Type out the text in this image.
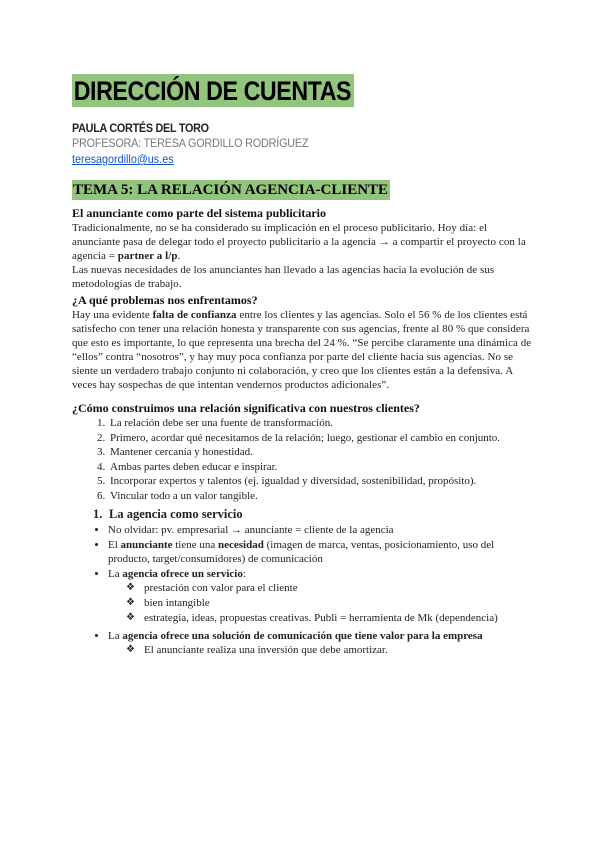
DIRECCIÓN DE CUENTAS
PAULA CORTÉS DEL TORO
PROFESORA: TERESA GORDILLO RODRÍGUEZ
teresagordillo@us.es
TEMA 5: LA RELACIÓN AGENCIA-CLIENTE
El anunciante como parte del sistema publicitario

Tradicionalmente, no se ha considerado su implicación en el proceso publicitario. Hoy día: el anunciante pasa de delegar todo el proyecto publicitario a la agencia → a compartir el proyecto con la agencia = partner a l/p.

Las nuevas necesidades de los anunciantes han llevado a las agencias hacia la evolución de sus metodologías de trabajo.

¿A qué problemas nos enfrentamos?

Hay una evidente falta de confianza entre los clientes y las agencias. Solo el 56 % de los clientes está satisfecho con tener una relación honesta y transparente con sus agencias, frente al 80 % que considera que esto es importante, lo que representa una brecha del 24 %. “Se percibe claramente una dinámica de “ellos” contra “nosotros”, y hay muy poca confianza por parte del cliente hacia sus agencias. No se siente un verdadero trabajo conjunto ni colaboración, y creo que los clientes están a la defensiva. A veces hay sospechas de que intentan vendernos productos adicionales”.

¿Cómo construimos una relación significativa con nuestros clientes?
1. La relación debe ser una fuente de transformación.
2. Primero, acordar qué necesitamos de la relación; luego, gestionar el cambio en conjunto.
3. Mantener cercanía y honestidad.
4. Ambas partes deben educar e inspirar.
5. Incorporar expertos y talentos (ej. igualdad y diversidad, sostenibilidad, propósito).
6. Vincular todo a un valor tangible.
1. La agencia como servicio
• No olvidar: pv. empresarial → anunciante = cliente de la agencia
• El anunciante tiene una necesidad (imagen de marca, ventas, posicionamiento, uso del producto, target/consumidores) de comunicación
• La agencia ofrece un servicio:
❖ prestación con valor para el cliente
❖ bien intangible
❖ estrategia, ideas, propuestas creativas. Publi = herramienta de Mk (dependencia)
• La agencia ofrece una solución de comunicación que tiene valor para la empresa
❖ El anunciante realiza una inversión que debe amortizar.
